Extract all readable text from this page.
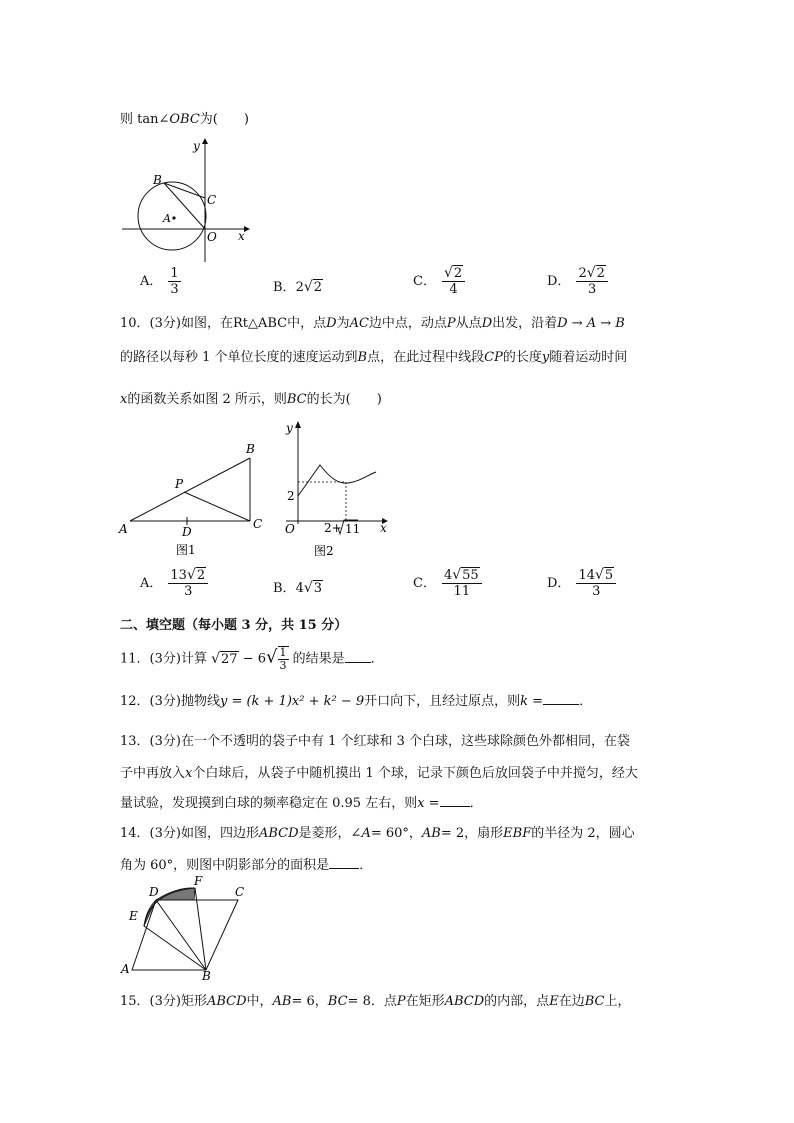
则 tan∠OBC为(　　)
y
B
C
A
O x
A． $\frac{1}{3}$	B．2√2	C． $\frac{√2}{4}$	D． $\frac{2√2}{3}$
10．(3分)如图，在Rt△ABC中，点D为AC边中点，动点P从点D出发，沿着D → A → B
的路径以每秒 1 个单位长度的速度运动到B点，在此过程中线段CP的长度y随着运动时间
x的函数关系如图 2 所示，则BC的长为(　　)
B
P
A	D
C
图1
y
2
O 2+ 11 x
图2
A． $\frac{13√2}{3}$	B．4√3	C． $\frac{4√55}{11}$	D． $\frac{14√5}{3}$
二、填空题（每小题 3 分，共 15 分）
11．(3分)计算 $√27 - 6√ \frac{1}{3}$ 的结果是 ．
12．(3分)抛物线y = (k + 1)x² + k² − 9开口向下，且经过原点，则k =	．
13．(3分)在一个不透明的袋子中有 1 个红球和 3 个白球，这些球除颜色外都相同，在袋
子中再放入x个白球后，从袋子中随机摸出 1 个球，记录下颜色后放回袋子中并搅匀，经大
量试验，发现摸到白球的频率稳定在 0.95 左右，则x = ．
14．(3分)如图，四边形ABCD是菱形，∠A= 60°，AB= 2，扇形EBF的半径为 2，圆心
角为 60°，则图中阴影部分的面积是 ．
D
F
C
E
A	B
15．(3分)矩形ABCD中，AB= 6，BC= 8．点P在矩形ABCD的内部，点E在边BC上，
